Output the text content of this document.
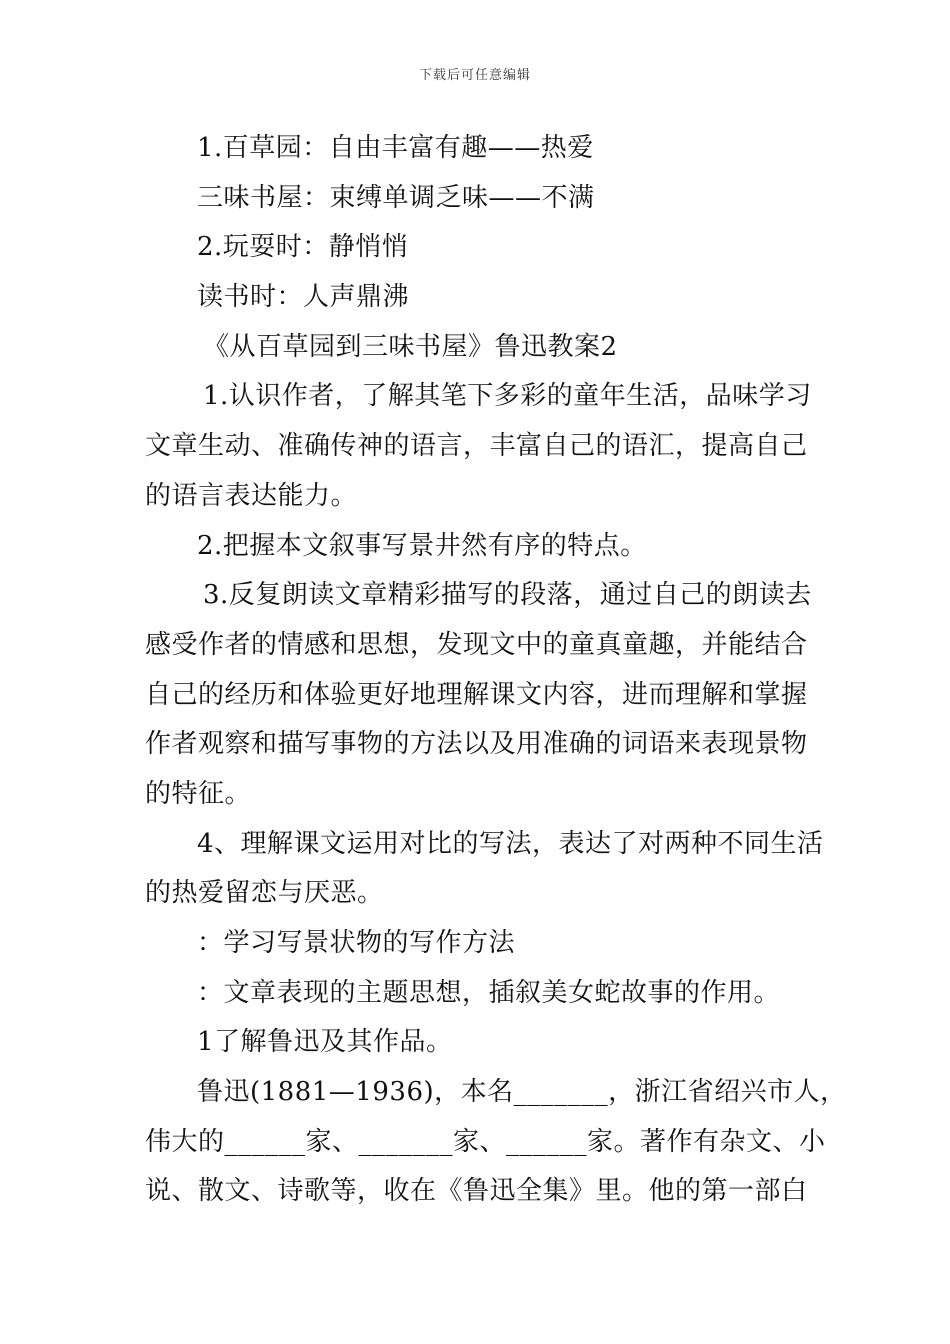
下载后可任意编辑
1.百草园：自由丰富有趣——热爱
三味书屋：束缚单调乏味——不满
2.玩耍时：静悄悄
读书时：人声鼎沸
《从百草园到三味书屋》鲁迅教案2
1.认识作者，了解其笔下多彩的童年生活，品味学习
文章生动、准确传神的语言，丰富自己的语汇，提高自己
的语言表达能力。
2.把握本文叙事写景井然有序的特点。
3.反复朗读文章精彩描写的段落，通过自己的朗读去
感受作者的情感和思想，发现文中的童真童趣，并能结合
自己的经历和体验更好地理解课文内容，进而理解和掌握
作者观察和描写事物的方法以及用准确的词语来表现景物
的特征。
4、理解课文运用对比的写法，表达了对两种不同生活
的热爱留恋与厌恶。
：学习写景状物的写作方法
：文章表现的主题思想，插叙美女蛇故事的作用。
1了解鲁迅及其作品。
鲁迅(1881—1936)，本名_______，浙江省绍兴市人，
伟大的______家、_______家、______家。著作有杂文、小
说、散文、诗歌等，收在《鲁迅全集》里。他的第一部白
